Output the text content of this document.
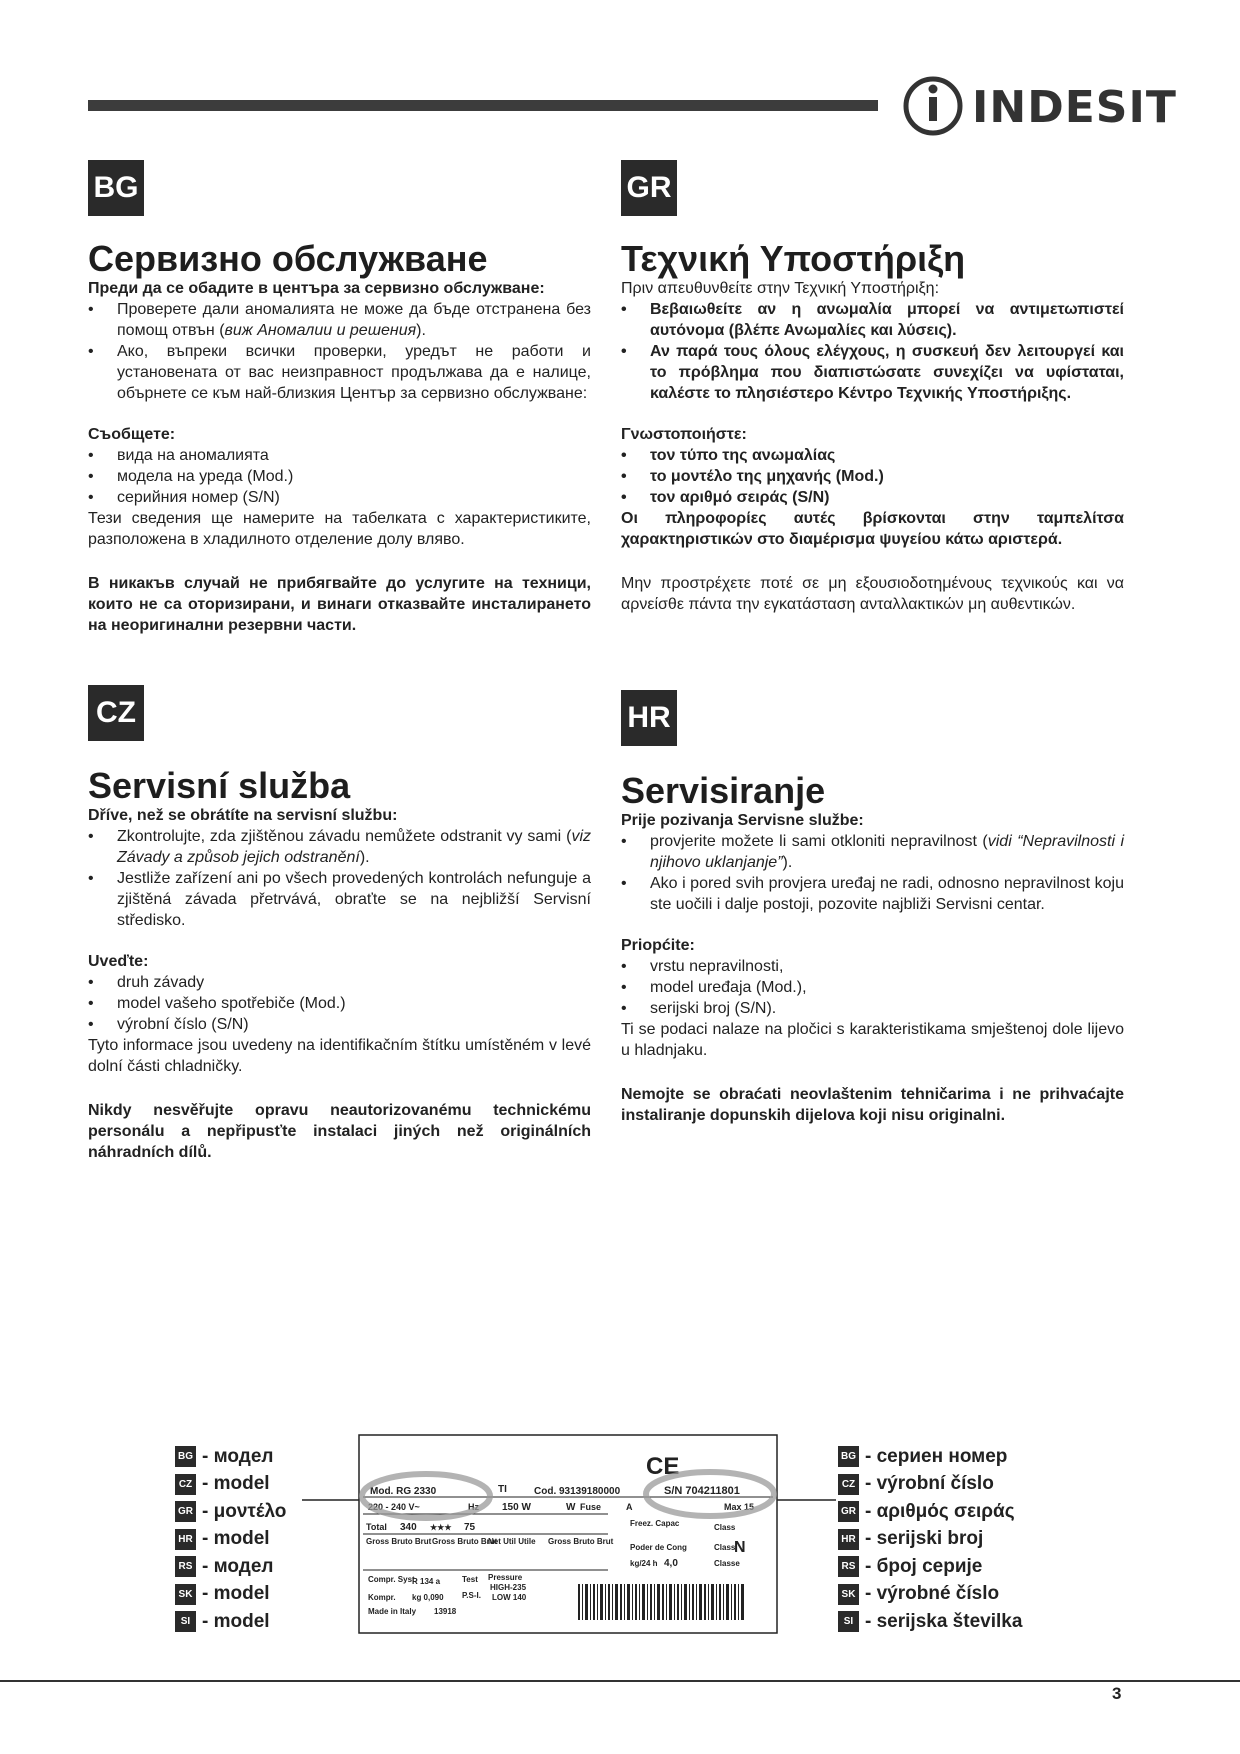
INDESIT
BG
Сервизно обслужване

Преди да се обадите в центъра за сервизно обслужване:

• Проверете дали аномалията не може да бъде отстранена без помощ отвън (виж Аномалии и решения).
• Ако, въпреки всички проверки, уредът не работи и установената от вас неизправност продължава да е налице, обърнете се към най-близкия Център за сервизно обслужване:

Съобщете:

• вида на аномалията
• модела на уреда (Mod.)
• серийния номер (S/N)

Тези сведения ще намерите на табелката с характеристиките, разположена в хладилното отделение долу вляво.

В никакъв случай не прибягвайте до услугите на техници, които не са оторизирани, и винаги отказвайте инсталирането на неоригинални резервни части.

GR
Τεχνική Υποστήριξη

Πριν απευθυνθείτε στην Τεχνική Υποστήριξη:

• Βεβαιωθείτε αν η ανωμαλία μπορεί να αντιμετωπιστεί αυτόνομα (βλέπε Ανωμαλίες και λύσεις).
• Αν παρά τους όλους ελέγχους, η συσκευή δεν λειτουργεί και το πρόβλημα που διαπιστώσατε συνεχίζει να υφίσταται, καλέστε το πλησιέστερο Κέντρο Τεχνικής Υποστήριξης.

Γνωστοποιήστε:

• τον τύπο της ανωμαλίας
• το μοντέλο της μηχανής (Mod.)
• τον αριθμό σειράς (S/N)

Οι πληροφορίες αυτές βρίσκονται στην ταμπελίτσα χαρακτηριστικών στο διαμέρισμα ψυγείου κάτω αριστερά.

Μην προστρέχετε ποτέ σε μη εξουσιοδοτημένους τεχνικούς και να αρνείσθε πάντα την εγκατάσταση ανταλλακτικών μη αυθεντικών.

CZ
Servisní služba

Dříve, než se obrátíte na servisní službu:

• Zkontrolujte, zda zjištěnou závadu nemůžete odstranit vy sami (viz Závady a způsob jejich odstranění).
• Jestliže zařízení ani po všech provedených kontrolách nefunguje a zjištěná závada přetrvává, obraťte se na nejbližší Servisní středisko.

Uveďte:

• druh závady
• model vašeho spotřebiče (Mod.)
• výrobní číslo (S/N)

Tyto informace jsou uvedeny na identifikačním štítku umístěném v levé dolní části chladničky.

Nikdy nesvěřujte opravu neautorizovanému technickému personálu a nepřipusťte instalaci jiných než originálních náhradních dílů.

HR
Servisiranje

Prije pozivanja Servisne službe:

• provjerite možete li sami otkloniti nepravilnost (vidi “Nepravilnosti i njihovo uklanjanje”).
• Ako i pored svih provjera uređaj ne radi, odnosno nepravilnost koju ste uočili i dalje postoji, pozovite najbliži Servisni centar.

Priopćite:

• vrstu nepravilnosti,
• model uređaja (Mod.),
• serijski broj (S/N).

Ti se podaci nalaze na pločici s karakteristikama smještenoj dole lijevo u hladnjaku.

Nemojte se obraćati neovlaštenim tehničarima i ne prihvaćajte instaliranje dopunskih dijelova koji nisu originalni.

BG - модел
CZ - model
GR - μοντέλο
HR - model
RS - модел
SK - model
SI - model
BG - сериен номер
CZ - výrobní číslo
GR - αριθμός σειράς
HR - serijski broj
RS - број серије
SK - výrobné číslo
SI - serijska številka
CE
Mod. RG 2330	TI	Cod. 93139180000	S/N 704211801
220 - 240 V~	Hz 150 W	W Fuse	A
Freez. Capac
Max 15
Total 340 ★★★ 75
Gross Bruto Brut Gross Bruto Brut
Net Util Utile Gross Bruto Brut
Poder de Cong
kg/24 h 4,0
Class
Class
N
Classe
Compr. Syst.
R 134 a	Test Pressure
HIGH-235
Kompr. kg 0,090 P.S-I. LOW 140
Made in Italy 13918
3
